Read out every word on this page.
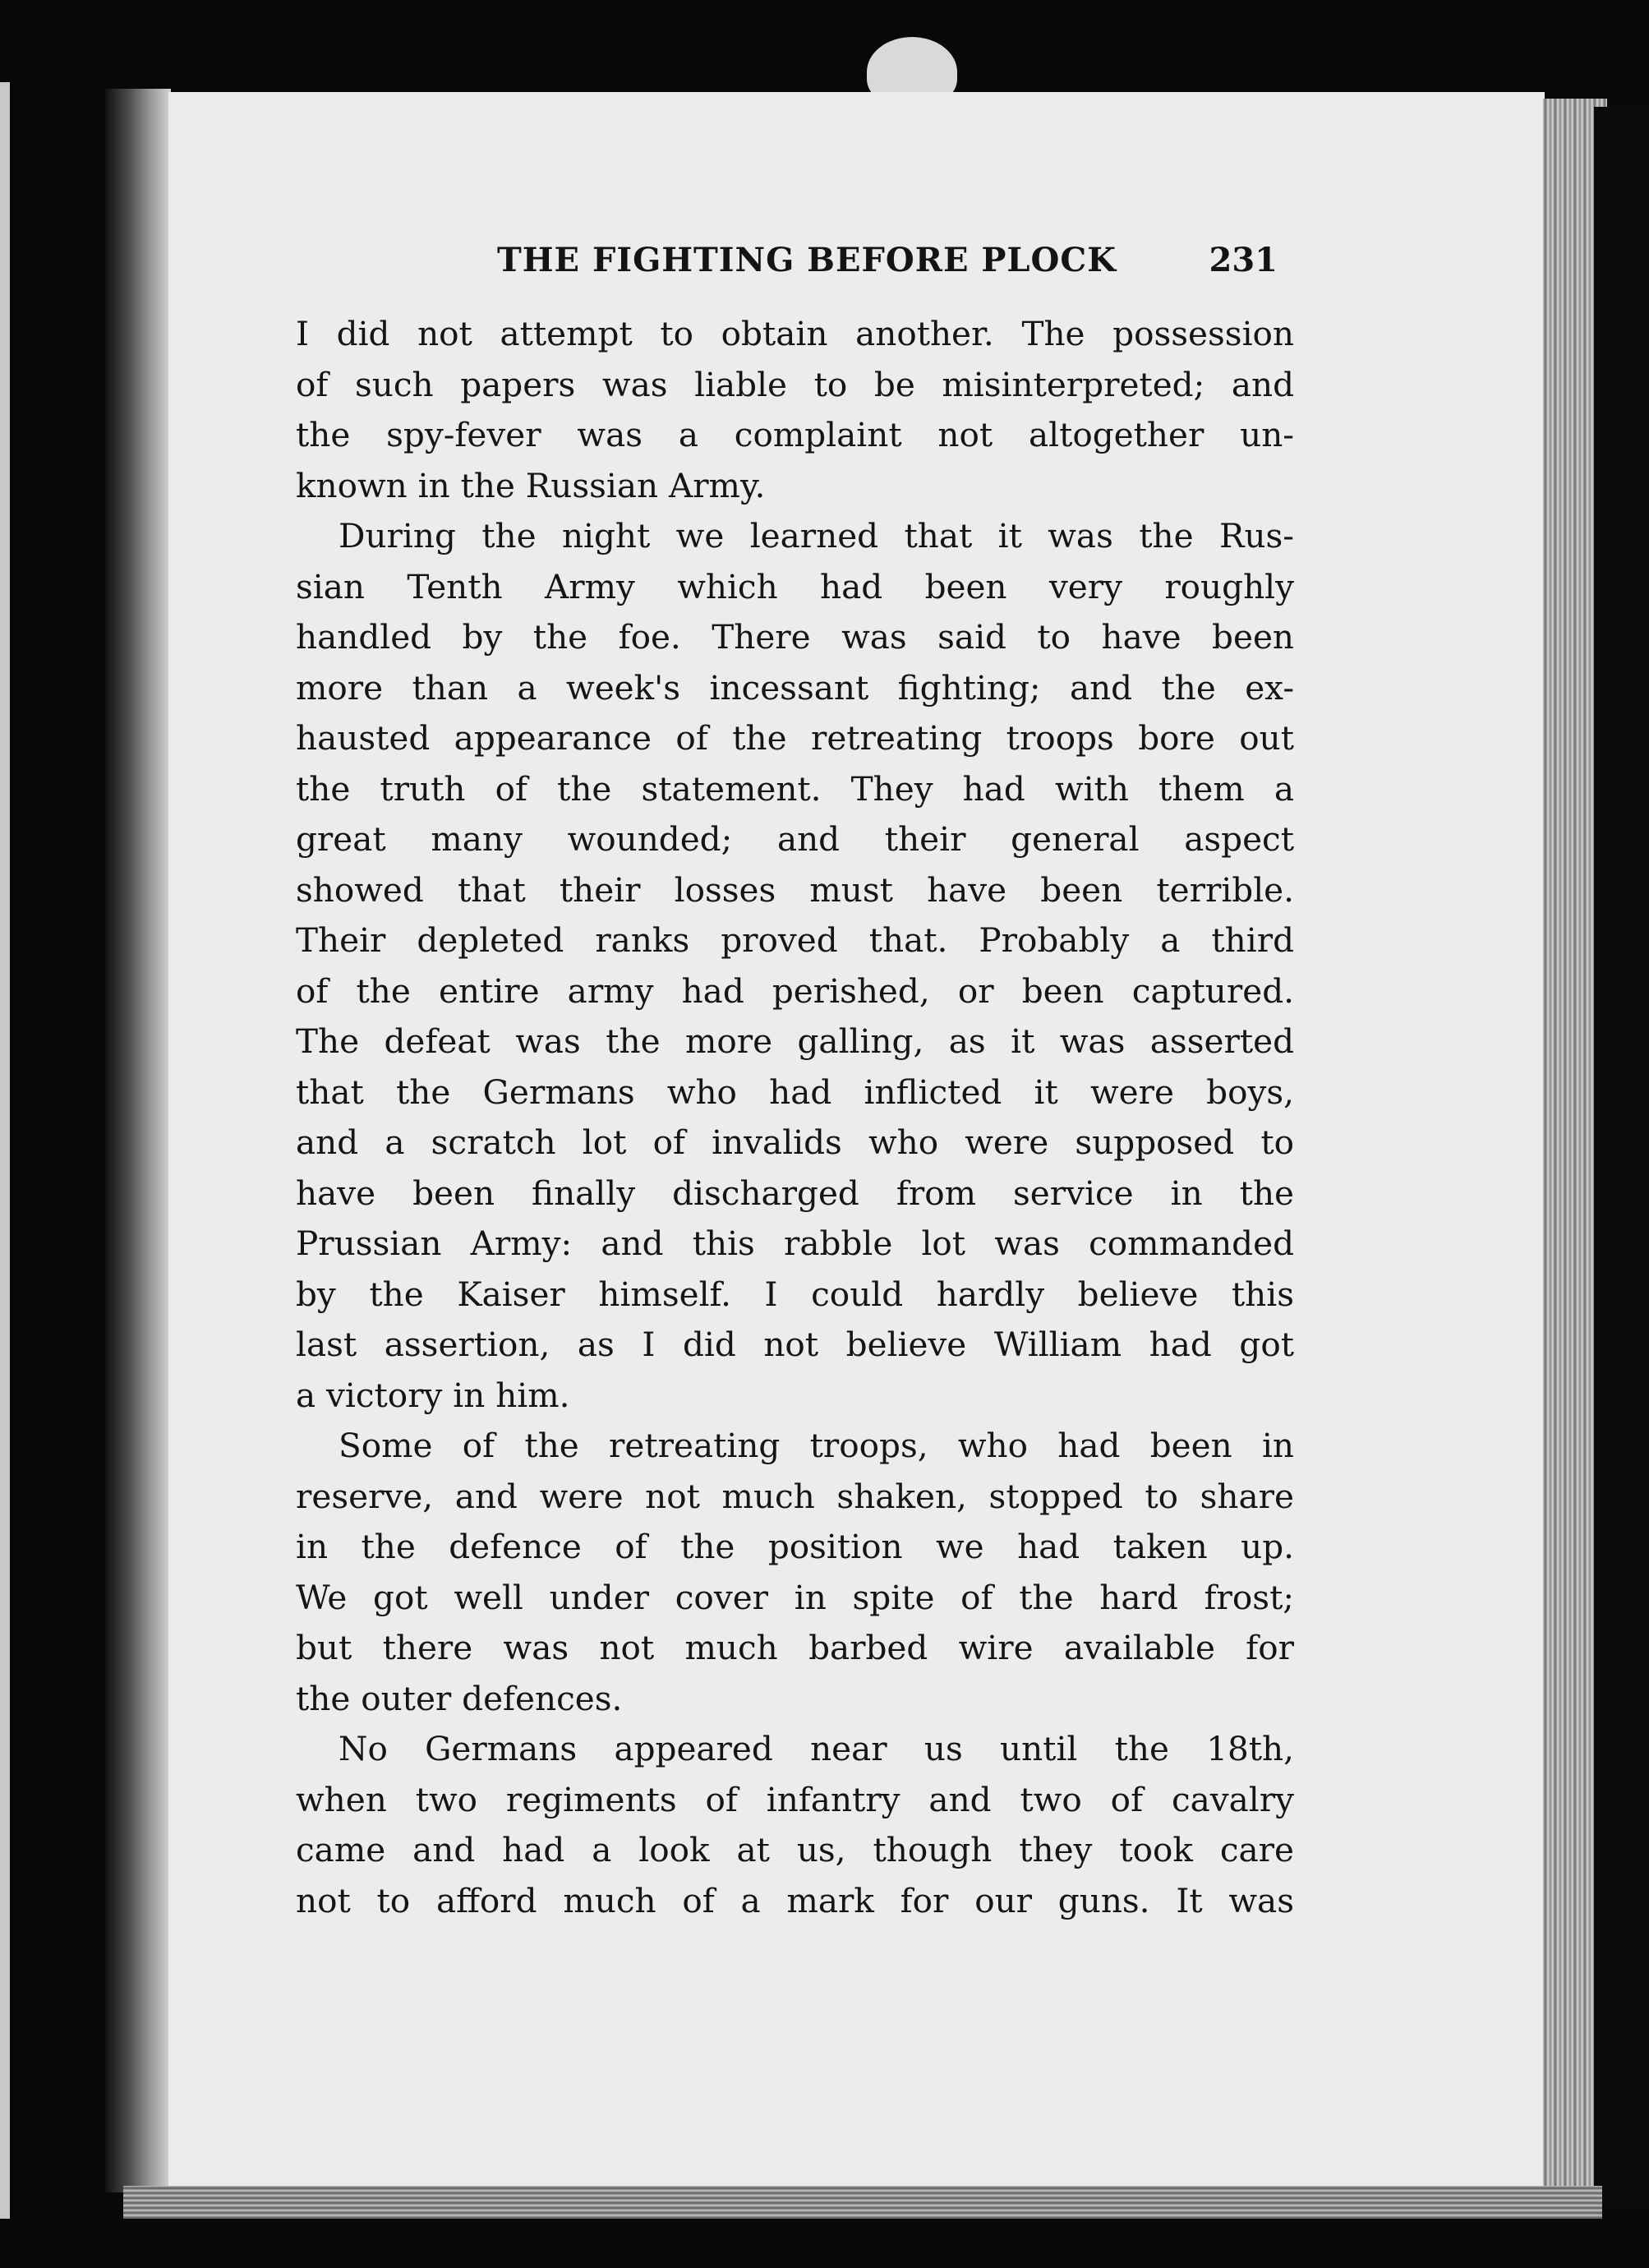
THE FIGHTING BEFORE PLOCK	231
I did not attempt to obtain another. The possession
of such papers was liable to be misinterpreted; and
the spy-fever was a complaint not altogether un-
known in the Russian Army.
During the night we learned that it was the Rus-
sian Tenth Army which had been very roughly
handled by the foe. There was said to have been
more than a week's incessant fighting; and the ex-
hausted appearance of the retreating troops bore out
the truth of the statement. They had with them a
great many wounded; and their general aspect
showed that their losses must have been terrible.
Their depleted ranks proved that. Probably a third
of the entire army had perished, or been captured.
The defeat was the more galling, as it was asserted
that the Germans who had inflicted it were boys,
and a scratch lot of invalids who were supposed to
have been finally discharged from service in the
Prussian Army: and this rabble lot was commanded
by the Kaiser himself. I could hardly believe this
last assertion, as I did not believe William had got
a victory in him.
Some of the retreating troops, who had been in
reserve, and were not much shaken, stopped to share
in the defence of the position we had taken up.
We got well under cover in spite of the hard frost;
but there was not much barbed wire available for
the outer defences.
No Germans appeared near us until the 18th,
when two regiments of infantry and two of cavalry
came and had a look at us, though they took care
not to afford much of a mark for our guns. It was
